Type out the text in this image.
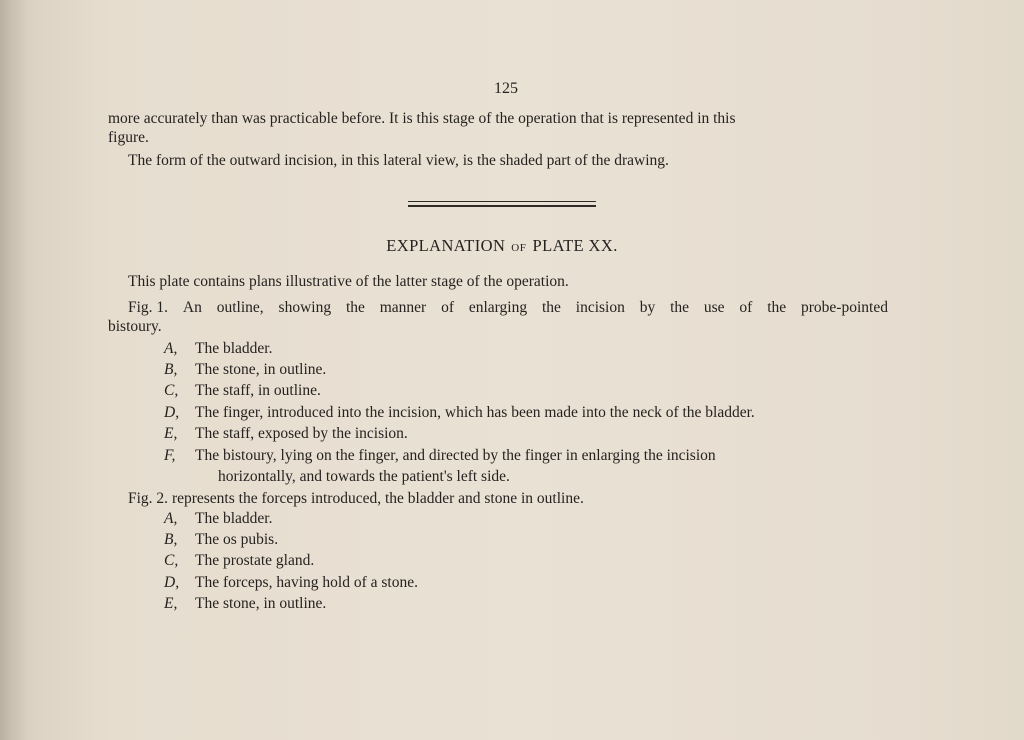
125
more accurately than was practicable before. It is this stage of the operation that is represented in this
figure.
The form of the outward incision, in this lateral view, is the shaded part of the drawing.
EXPLANATION OF PLATE XX.
This plate contains plans illustrative of the latter stage of the operation.
Fig. 1. An outline, showing the manner of enlarging the incision by the use of the probe-pointed
bistoury.
A, The bladder.
B, The stone, in outline.
C, The staff, in outline.
D, The finger, introduced into the incision, which has been made into the neck of the bladder.
E, The staff, exposed by the incision.
F, The bistoury, lying on the finger, and directed by the finger in enlarging the incision
horizontally, and towards the patient's left side.
Fig. 2. represents the forceps introduced, the bladder and stone in outline.
A, The bladder.
B, The os pubis.
C, The prostate gland.
D, The forceps, having hold of a stone.
E, The stone, in outline.
